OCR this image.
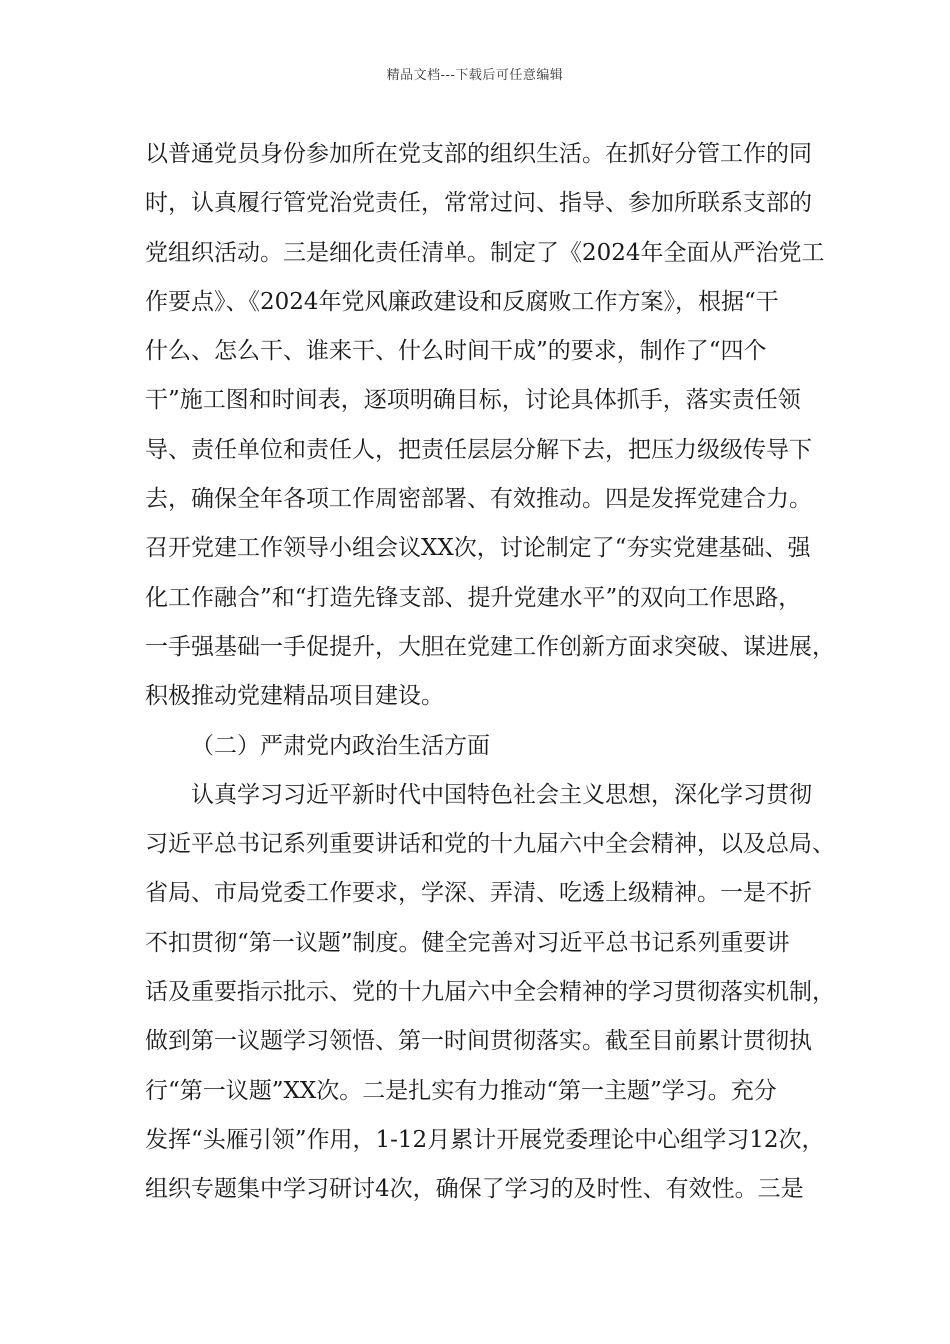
精品文档---下载后可任意编辑
以普通党员身份参加所在党支部的组织生活。在抓好分管工作的同
时，认真履行管党治党责任，常常过问、指导、参加所联系支部的
党组织活动。三是细化责任清单。制定了《2024年全面从严治党工
作要点》、《2024年党风廉政建设和反腐败工作方案》，根据“干
什么、怎么干、谁来干、什么时间干成”的要求，制作了“四个
干”施工图和时间表，逐项明确目标，讨论具体抓手，落实责任领
导、责任单位和责任人，把责任层层分解下去，把压力级级传导下
去，确保全年各项工作周密部署、有效推动。四是发挥党建合力。
召开党建工作领导小组会议XX次，讨论制定了“夯实党建基础、强
化工作融合”和“打造先锋支部、提升党建水平”的双向工作思路，
一手强基础一手促提升，大胆在党建工作创新方面求突破、谋进展，
积极推动党建精品项目建设。
（二）严肃党内政治生活方面
认真学习习近平新时代中国特色社会主义思想，深化学习贯彻
习近平总书记系列重要讲话和党的十九届六中全会精神，以及总局、
省局、市局党委工作要求，学深、弄清、吃透上级精神。一是不折
不扣贯彻“第一议题”制度。健全完善对习近平总书记系列重要讲
话及重要指示批示、党的十九届六中全会精神的学习贯彻落实机制，
做到第一议题学习领悟、第一时间贯彻落实。截至目前累计贯彻执
行“第一议题”XX次。二是扎实有力推动“第一主题”学习。充分
发挥“头雁引领”作用，1-12月累计开展党委理论中心组学习12次，
组织专题集中学习研讨4次，确保了学习的及时性、有效性。三是
